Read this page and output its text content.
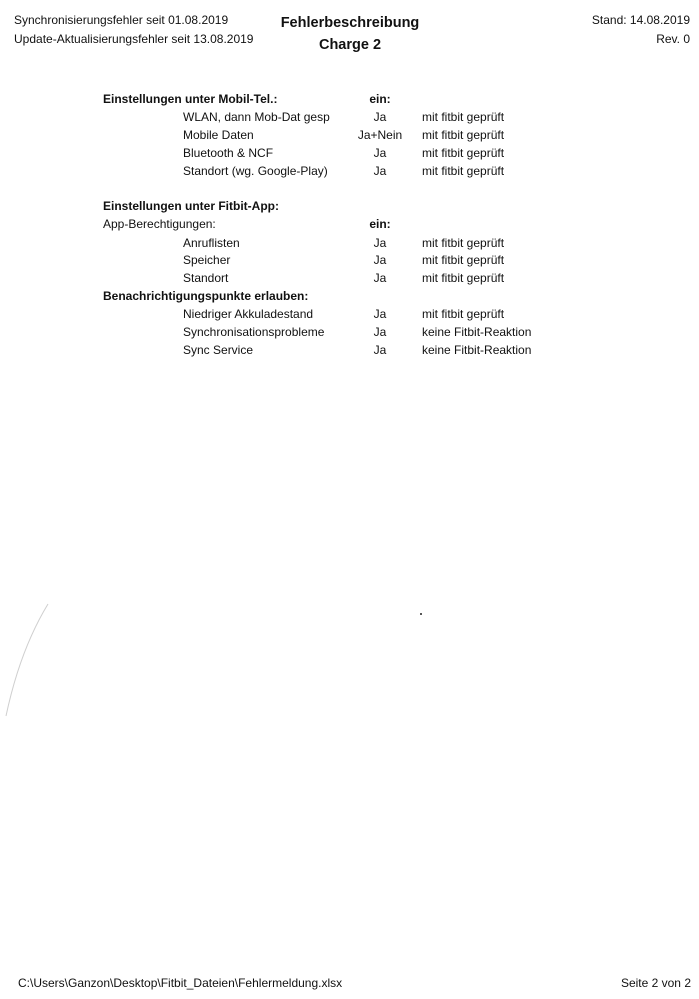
Synchronisierungsfehler seit 01.08.2019
Update-Aktualisierungsfehler seit 13.08.2019
Fehlerbeschreibung
Charge 2
Stand: 14.08.2019
Rev. 0
Einstellungen unter Mobil-Tel.:	ein:
WLAN, dann Mob-Dat gesp	Ja	mit fitbit geprüft
Mobile Daten	Ja+Nein	mit fitbit geprüft
Bluetooth & NCF	Ja	mit fitbit geprüft
Standort (wg. Google-Play)	Ja	mit fitbit geprüft
Einstellungen unter Fitbit-App:
App-Berechtigungen:	ein:
Anruflisten	Ja	mit fitbit geprüft
Speicher	Ja	mit fitbit geprüft
Standort	Ja	mit fitbit geprüft
Benachrichtigungspunkte erlauben:
Niedriger Akkuladestand	Ja	mit fitbit geprüft
Synchronisationsprobleme	Ja	keine Fitbit-Reaktion
Sync Service	Ja	keine Fitbit-Reaktion
C:\Users\Ganzon\Desktop\Fitbit_Dateien\Fehlermeldung.xlsx	Seite 2 von 2
